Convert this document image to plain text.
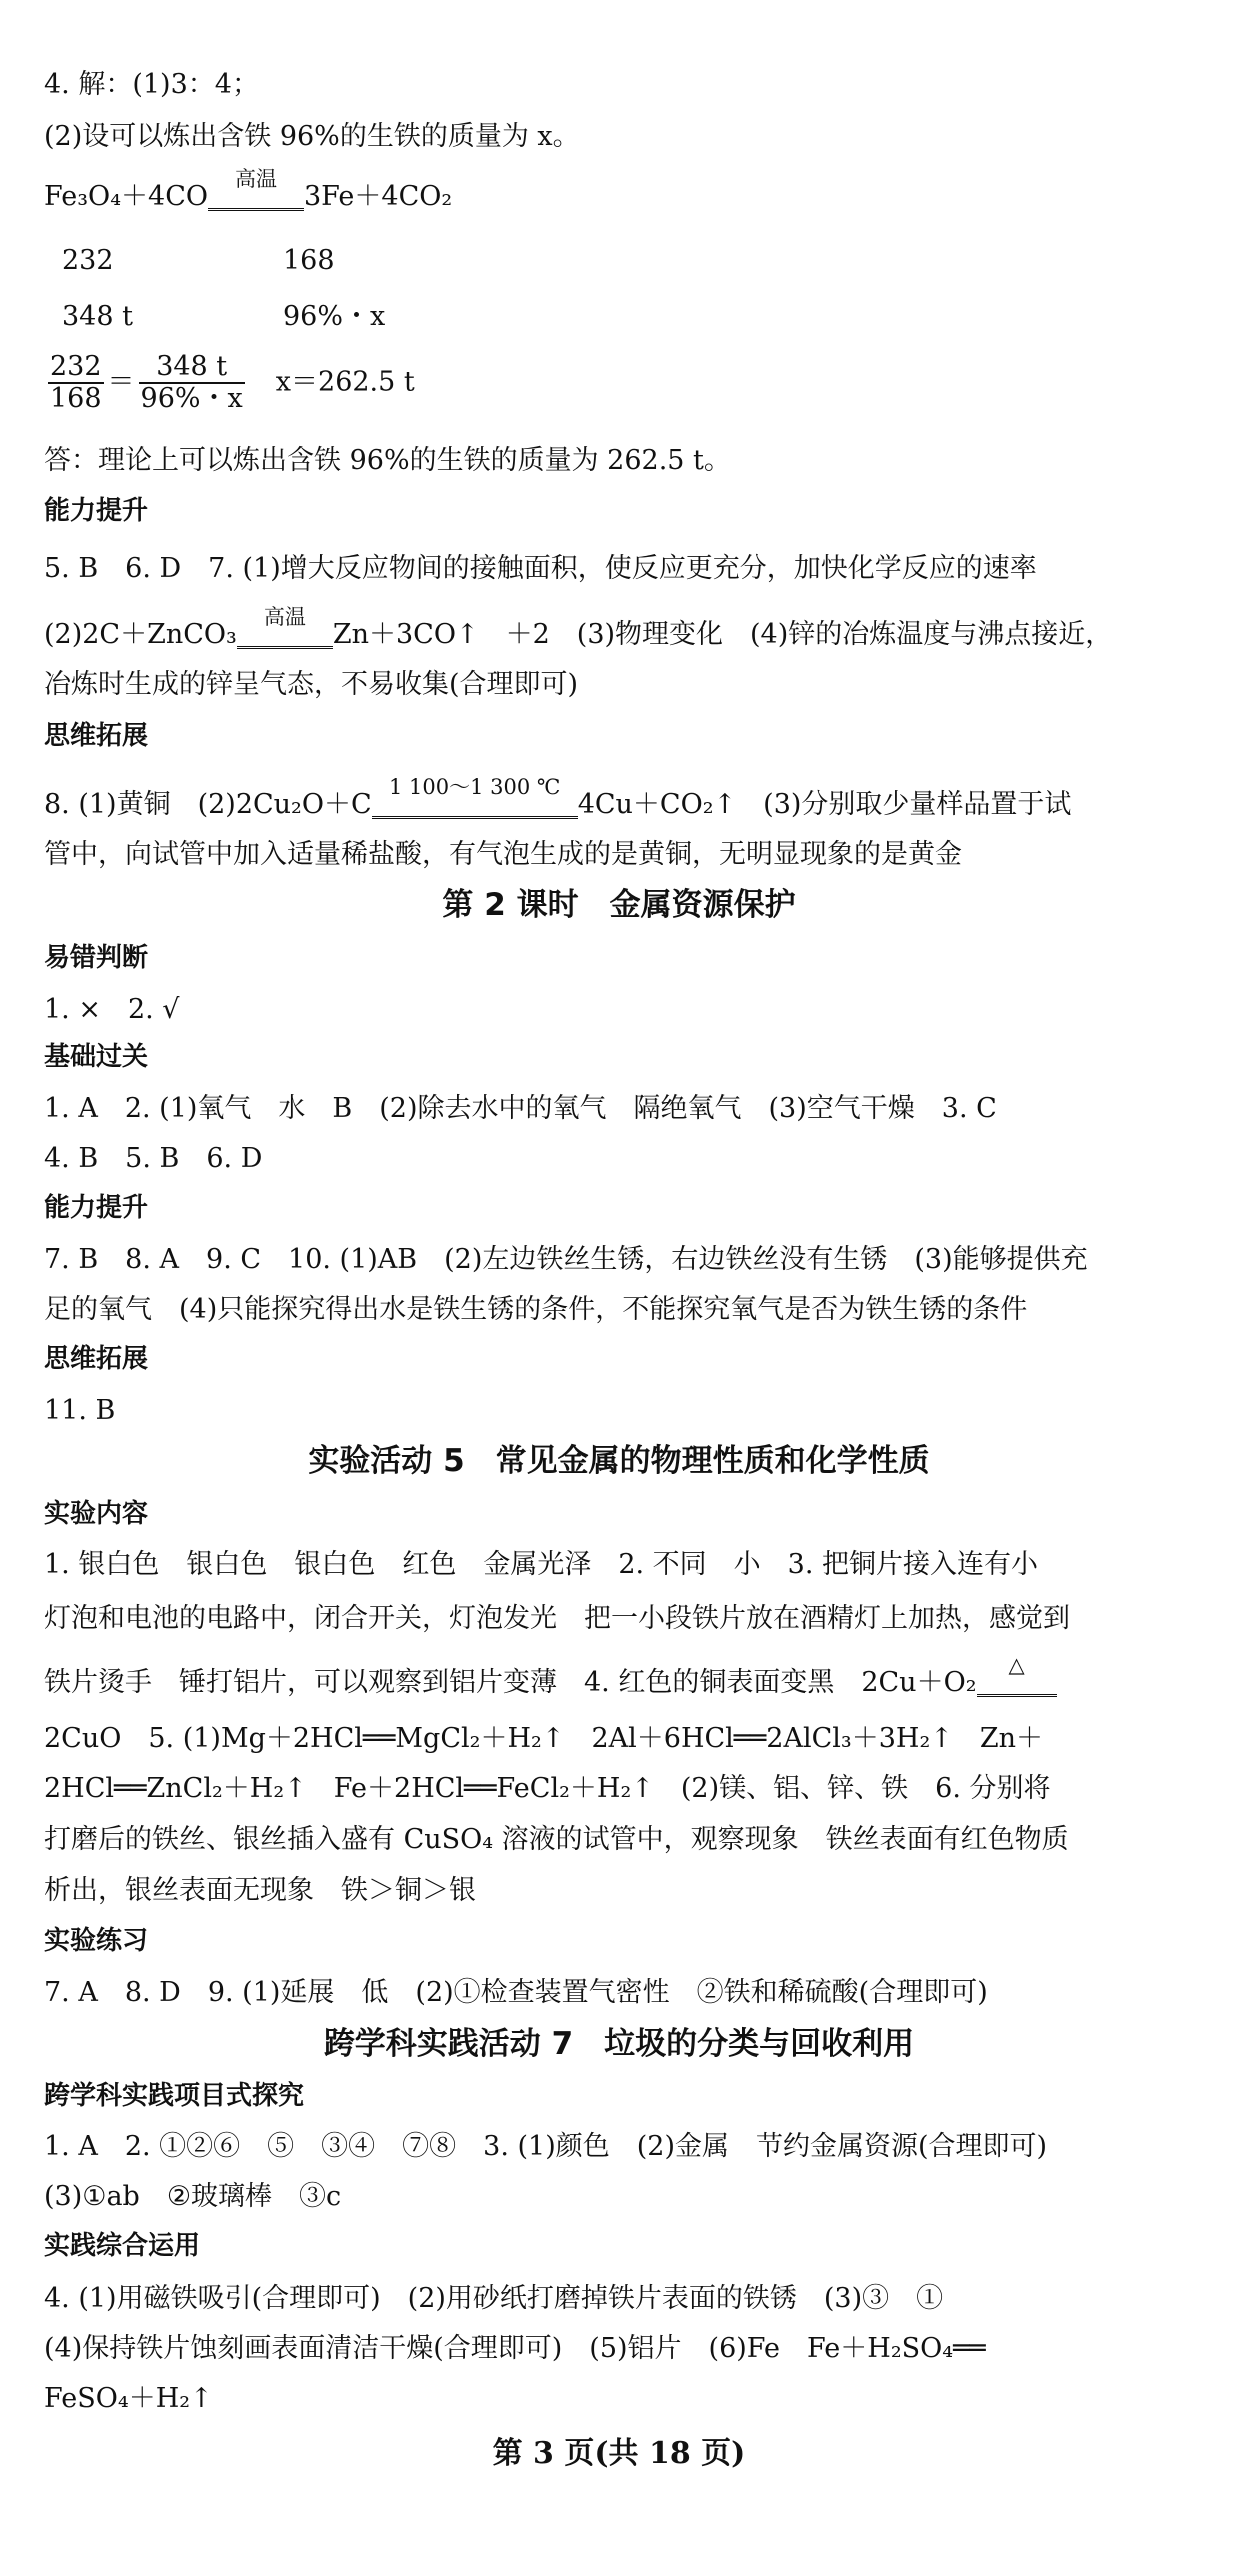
4. 解：(1)3：4；
(2)设可以炼出含铁 96%的生铁的质量为 x。
Fe₃O₄＋4CO
高温
3Fe＋4CO₂
232	168
348 t	96%・x
$\frac{232}{168} = \frac{348 t}{96\%・x}$
　 x＝262.5 t
答：理论上可以炼出含铁 96%的生铁的质量为 262.5 t。
能力提升
5. B　6. D　7. (1)增大反应物间的接触面积，使反应更充分，加快化学反应的速率
(2)2C＋ZnCO₃
高温
Zn＋3CO↑　＋2　(3)物理变化　(4)锌的冶炼温度与沸点接近，
冶炼时生成的锌呈气态，不易收集(合理即可)
思维拓展
8. (1)黄铜　(2)2Cu₂O＋C
1 100～1 300 ℃
4Cu＋CO₂↑　(3)分别取少量样品置于试
管中，向试管中加入适量稀盐酸，有气泡生成的是黄铜，无明显现象的是黄金
第 2 课时　金属资源保护
易错判断
1. ×　2. √
基础过关
1. A　2. (1)氧气　水　B　(2)除去水中的氧气　隔绝氧气　(3)空气干燥　3. C
4. B　5. B　6. D
能力提升
7. B　8. A　9. C　10. (1)AB　(2)左边铁丝生锈，右边铁丝没有生锈　(3)能够提供充
足的氧气　(4)只能探究得出水是铁生锈的条件，不能探究氧气是否为铁生锈的条件
思维拓展
11. B
实验活动 5　常见金属的物理性质和化学性质
实验内容
1. 银白色　银白色　银白色　红色　金属光泽　2. 不同　小　3. 把铜片接入连有小
灯泡和电池的电路中，闭合开关，灯泡发光　把一小段铁片放在酒精灯上加热，感觉到
铁片烫手　锤打铝片，可以观察到铝片变薄　4. 红色的铜表面变黑　2Cu＋O₂
△
2CuO　5. (1)Mg＋2HCl══MgCl₂＋H₂↑　2Al＋6HCl══2AlCl₃＋3H₂↑　Zn＋
2HCl══ZnCl₂＋H₂↑　Fe＋2HCl══FeCl₂＋H₂↑　(2)镁、铝、锌、铁　6. 分别将
打磨后的铁丝、银丝插入盛有 CuSO₄ 溶液的试管中，观察现象　铁丝表面有红色物质
析出，银丝表面无现象　铁＞铜＞银
实验练习
7. A　8. D　9. (1)延展　低　(2)①检查装置气密性　②铁和稀硫酸(合理即可)
跨学科实践活动 7　垃圾的分类与回收利用
跨学科实践项目式探究
1. A　2. ①②⑥　⑤　③④　⑦⑧　3. (1)颜色　(2)金属　节约金属资源(合理即可)
(3)①ab　②玻璃棒　③c
实践综合运用
4. (1)用磁铁吸引(合理即可)　(2)用砂纸打磨掉铁片表面的铁锈　(3)③　①
(4)保持铁片蚀刻画表面清洁干燥(合理即可)　(5)铝片　(6)Fe　Fe＋H₂SO₄══
FeSO₄＋H₂↑
第 3 页(共 18 页)
